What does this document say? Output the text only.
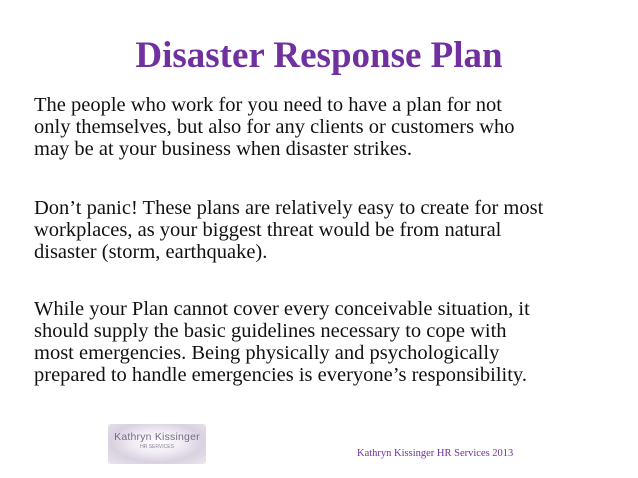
Disaster Response Plan

The people who work for you need to have a plan for not
only themselves, but also for any clients or customers who
may be at your business when disaster strikes.

Don’t panic! These plans are relatively easy to create for most
workplaces, as your biggest threat would be from natural
disaster (storm, earthquake).

While your Plan cannot cover every conceivable situation, it
should supply the basic guidelines necessary to cope with
most emergencies. Being physically and psychologically
prepared to handle emergencies is everyone’s responsibility.

Kathryn Kissinger
HR SERVICES
Kathryn Kissinger HR Services 2013
